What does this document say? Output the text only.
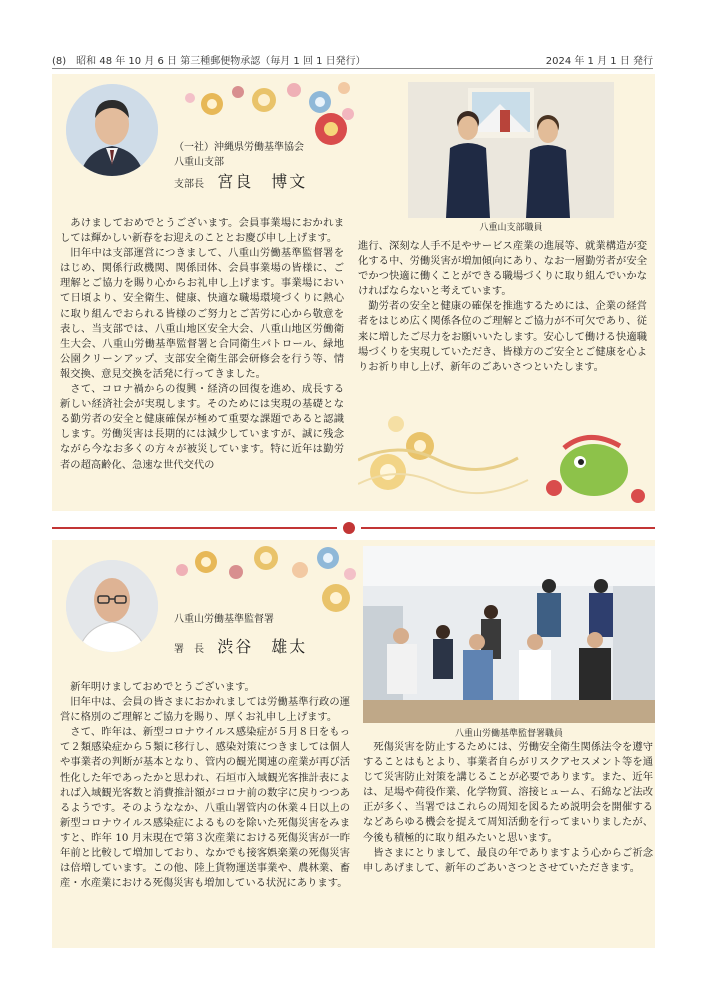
(8)　昭和 48 年 10 月 6 日 第三種郵便物承認（毎月 1 回 1 日発行）	2024 年 1 月 1 日 発行
（一社）沖縄県労働基準協会
八重山支部
支部長 宮良　博文
八重山支部職員

あけましておめでとうございます。会員事業場におかれましては輝かしい新春をお迎えのこととお慶び申し上げます。

旧年中は支部運営につきまして、八重山労働基準監督署をはじめ、関係行政機関、関係団体、会員事業場の皆様に、ご理解とご協力を賜り心からお礼申し上げます。事業場において日頃より、安全衛生、健康、快適な職場環境づくりに熱心に取り組んでおられる皆様のご努力とご苦労に心から敬意を表し、当支部では、八重山地区安全大会、八重山地区労働衛生大会、八重山労働基準監督署と合同衛生パトロール、緑地公園クリーンアップ、支部安全衛生部会研修会を行う等、情報交換、意見交換を活発に行ってきました。

さて、コロナ禍からの復興・経済の回復を進め、成長する新しい経済社会が実現します。そのためには実現の基礎となる勤労者の安全と健康確保が極めて重要な課題であると認識します。労働災害は長期的には減少していますが、誠に残念ながら今なお多くの方々が被災しています。特に近年は勤労者の超高齢化、急速な世代交代の

進行、深刻な人手不足やサービス産業の進展等、就業構造が変化する中、労働災害が増加傾向にあり、なお一層勤労者が安全でかつ快適に働くことができる職場づくりに取り組んでいかなければならないと考えています。

勤労者の安全と健康の確保を推進するためには、企業の経営者をはじめ広く関係各位のご理解とご協力が不可欠であり、従来に増したご尽力をお願いいたします。安心して働ける快適職場づくりを実現していただき、皆様方のご安全とご健康を心よりお祈り申し上げ、新年のごあいさつといたします。

八重山労働基準監督署
署　長 渋谷　雄太
八重山労働基準監督署職員

新年明けましておめでとうございます。

旧年中は、会員の皆さまにおかれましては労働基準行政の運営に格別のご理解とご協力を賜り、厚くお礼申し上げます。

さて、昨年は、新型コロナウイルス感染症が５月８日をもって２類感染症から５類に移行し、感染対策につきましては個人や事業者の判断が基本となり、管内の観光関連の産業が再び活性化した年であったかと思われ、石垣市入域観光客推計表によれば入域観光客数と消費推計額がコロナ前の数字に戻りつつあるようです。そのようななか、八重山署管内の休業４日以上の新型コロナウイルス感染症によるものを除いた死傷災害をみますと、昨年 10 月末現在で第３次産業における死傷災害が一昨年前と比較して増加しており、なかでも接客娯楽業の死傷災害は倍増しています。この他、陸上貨物運送事業や、農林業、畜産・水産業における死傷災害も増加している状況にあります。

死傷災害を防止するためには、労働安全衛生関係法令を遵守することはもとより、事業者自らがリスクアセスメント等を通じて災害防止対策を講じることが必要であります。また、近年は、足場や荷役作業、化学物質、溶接ヒューム、石綿など法改正が多く、当署ではこれらの周知を図るため説明会を開催するなどあらゆる機会を捉えて周知活動を行ってまいりましたが、今後も積極的に取り組みたいと思います。

皆さまにとりまして、最良の年でありますよう心からご祈念申しあげまして、新年のごあいさつとさせていただきます。
